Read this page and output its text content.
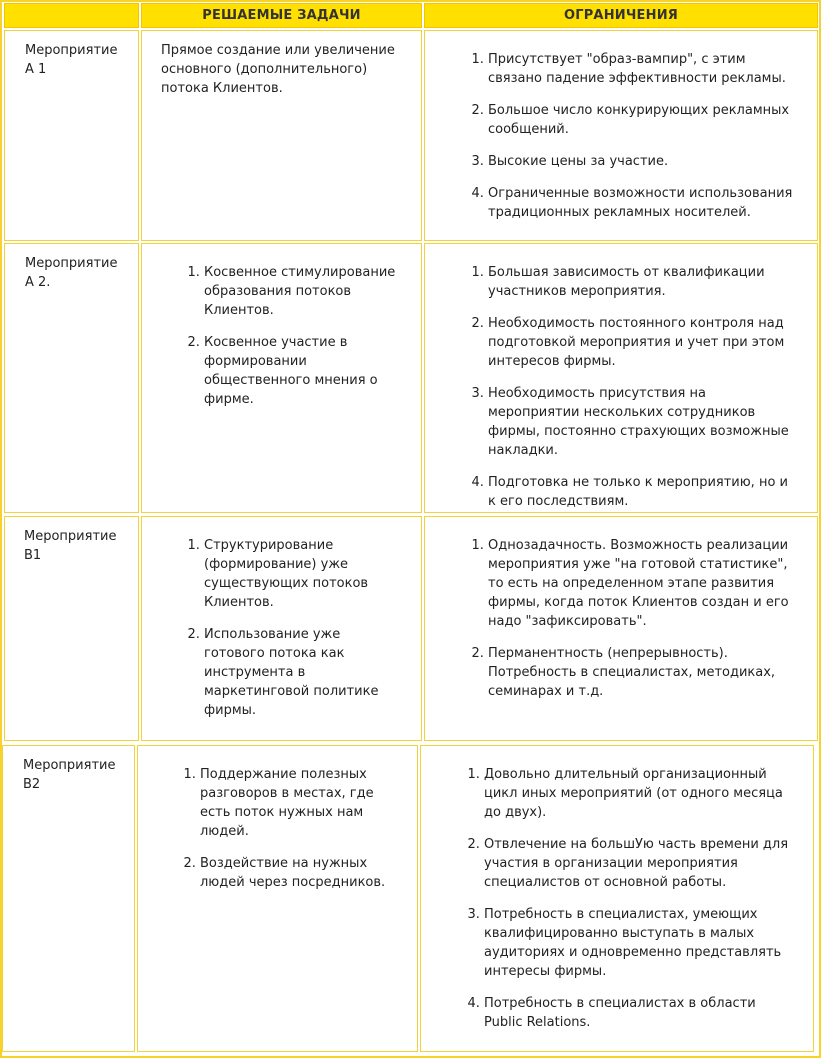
РЕШАЕМЫЕ ЗАДАЧИ	ОГРАНИЧЕНИЯ
Мероприятие А 1
Прямое создание или увеличение основного (дополнительного) потока Клиентов.
1. Присутствует "образ-вампир", с этим связано падение эффективности рекламы.
2. Большое число конкурирующих рекламных сообщений.
3. Высокие цены за участие.
4. Ограниченные возможности использования традиционных рекламных носителей.
Мероприятие А 2.
1. Косвенное стимулирование образования потоков Клиентов.
2. Косвенное участие в формировании общественного мнения о фирме.
1. Большая зависимость от квалификации участников мероприятия.
2. Необходимость постоянного контроля над подготовкой мероприятия и учет при этом интересов фирмы.
3. Необходимость присутствия на мероприятии нескольких сотрудников фирмы, постоянно страхующих возможные накладки.
4. Подготовка не только к мероприятию, но и к его последствиям.
Мероприятие В1
1. Структурирование (формирование) уже существующих потоков Клиентов.
2. Использование уже готового потока как инструмента в маркетинговой политике фирмы.
1. Однозадачность. Возможность реализации мероприятия уже "на готовой статистике", то есть на определенном этапе развития фирмы, когда поток Клиентов создан и его надо "зафиксировать".
2. Перманентность (непрерывность). Потребность в специалистах, методиках, семинарах и т.д.
Мероприятие В2
1. Поддержание полезных разговоров в местах, где есть поток нужных нам людей.
2. Воздействие на нужных людей через посредников.
1. Довольно длительный организационный цикл иных мероприятий (от одного месяца до двух).
2. Отвлечение на большУю часть времени для участия в организации мероприятия специалистов от основной работы.
3. Потребность в специалистах, умеющих квалифицированно выступать в малых аудиториях и одновременно представлять интересы фирмы.
4. Потребность в специалистах в области Public Relations.
